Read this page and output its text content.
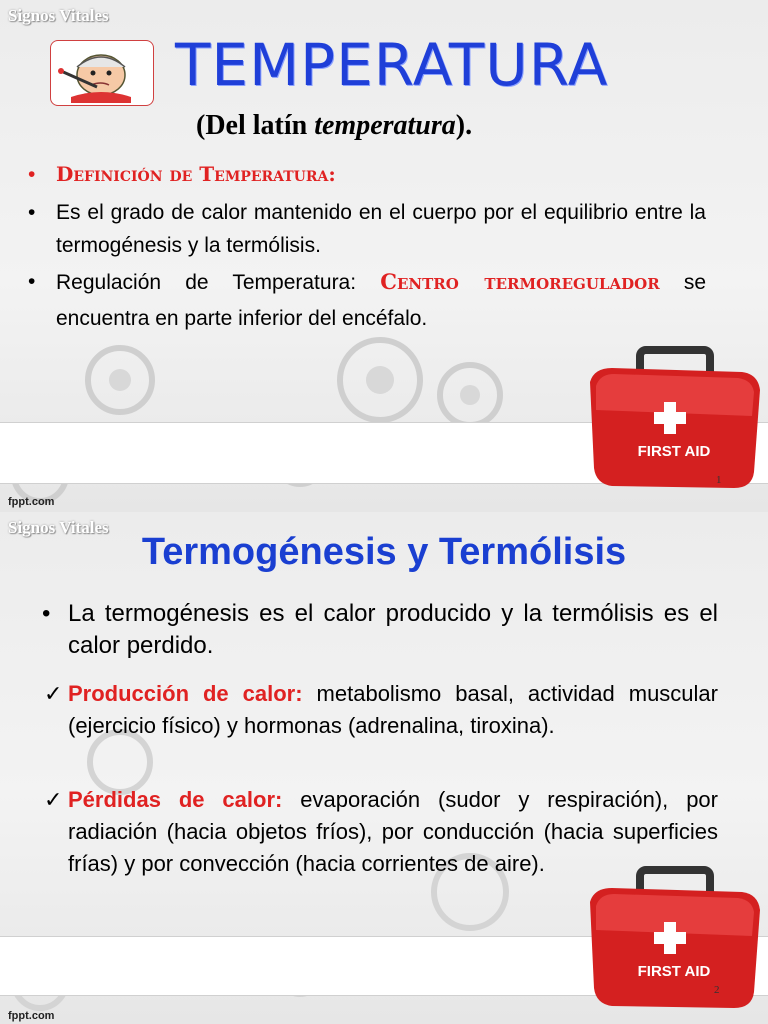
Signos Vitales
TEMPERATURA
(Del latín temperatura).
• Definición de Temperatura:
• Es el grado de calor mantenido en el cuerpo por el equilibrio entre la termogénesis y la termólisis.
• Regulación de Temperatura: Centro termoregulador se encuentra en parte inferior del encéfalo.
FIRST AID
fppt.com
1
Signos Vitales
Termogénesis y Termólisis
• La termogénesis es el calor producido y la termólisis es el calor perdido.
✓ Producción de calor: metabolismo basal, actividad muscular (ejercicio físico) y hormonas (adrenalina, tiroxina).
✓ Pérdidas de calor: evaporación (sudor y respiración), por radiación (hacia objetos fríos), por conducción (hacia superficies frías) y por convección (hacia corrientes de aire).
FIRST AID
fppt.com
2
